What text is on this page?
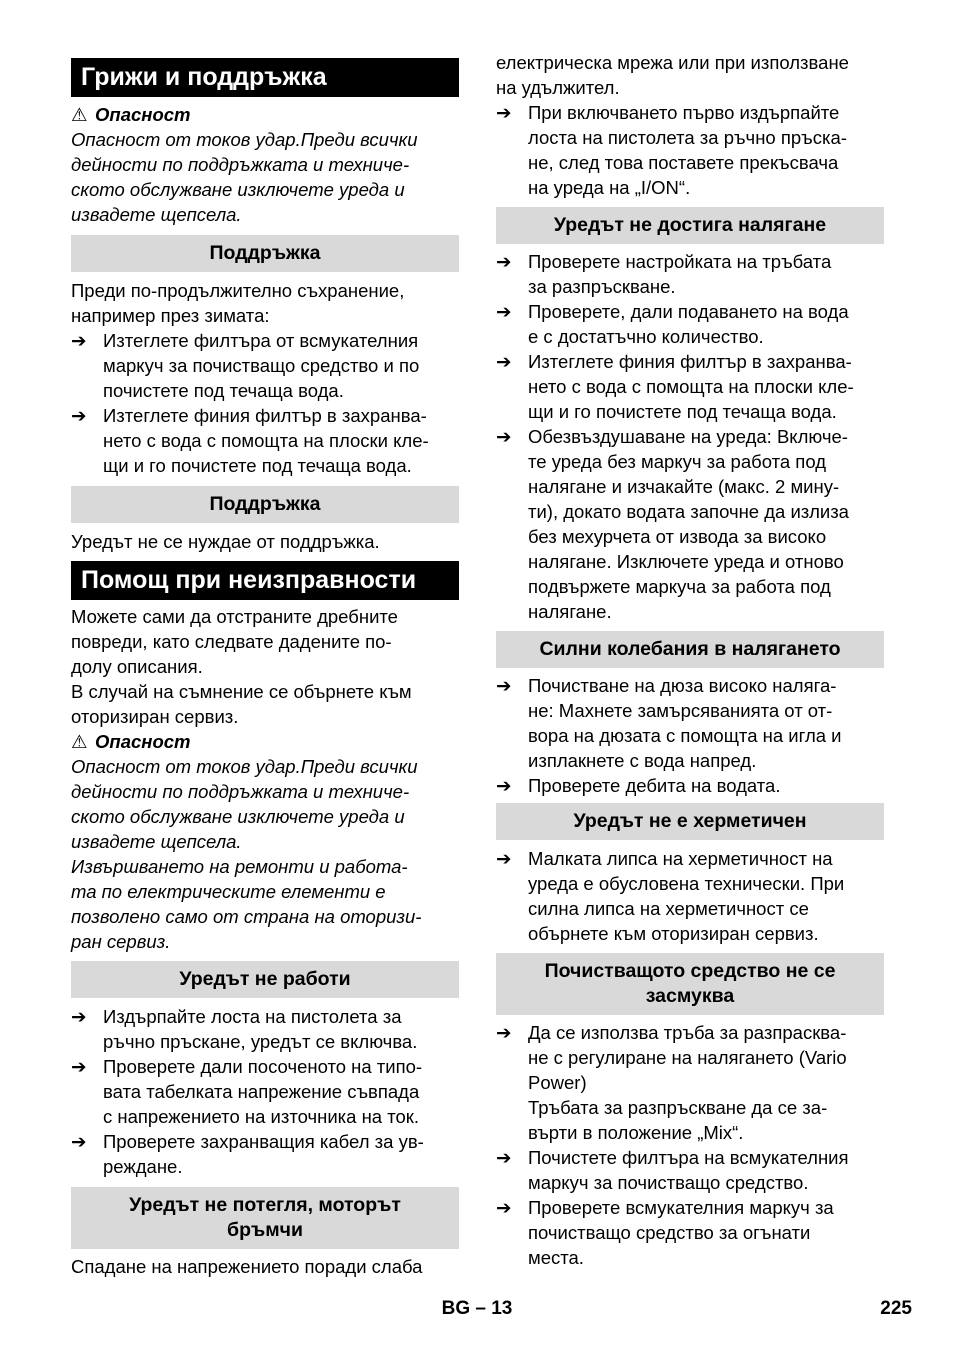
Грижи и поддръжка
⚠ Опасност
Опасност от токов удар.Преди всички
дейности по поддръжката и техниче-
ското обслужване изключете уреда и
извадете щепсела.
Поддръжка
Преди по-продължително съхранение,
например през зимата:
➔ Изтеглете филтъра от всмукателния
маркуч за почистващо средство и по
почистете под течаща вода.
➔ Изтеглете финия филтър в захранва-
нето с вода с помощта на плоски кле-
щи и го почистете под течаща вода.
Поддръжка
Уредът не се нуждае от поддръжка.
Помощ при неизправности
Можете сами да отстраните дребните
повреди, като следвате дадените по-
долу описания.
В случай на съмнение се обърнете към
оторизиран сервиз.
⚠ Опасност
Опасност от токов удар.Преди всички
дейности по поддръжката и техниче-
ското обслужване изключете уреда и
извадете щепсела.
Извършването на ремонти и работа-
та по електрическите елементи е
позволено само от страна на оторизи-
ран сервиз.
Уредът не работи
➔ Издърпайте лоста на пистолета за
ръчно пръскане, уредът се включва.
➔ Проверете дали посоченото на типо-
вата табелката напрежение съвпада
с напрежението на източника на ток.
➔ Проверете захранващия кабел за ув-
реждане.
Уредът не потегля, моторът
бръмчи
Спадане на напрежението поради слаба
електрическа мрежа или при използване
на удължител.
➔ При включването първо издърпайте
лоста на пистолета за ръчно пръска-
не, след това поставете прекъсвача
на уреда на „I/ON“.
Уредът не достига налягане
➔ Проверете настройката на тръбата
за разпръскване.
➔ Проверете, дали подаването на вода
е с достатъчно количество.
➔ Изтеглете финия филтър в захранва-
нето с вода с помощта на плоски кле-
щи и го почистете под течаща вода.
➔ Обезвъздушаване на уреда: Включе-
те уреда без маркуч за работа под
налягане и изчакайте (макс. 2 мину-
ти), докато водата започне да излиза
без мехурчета от извода за високо
налягане. Изключете уреда и отново
подвържете маркуча за работа под
налягане.
Силни колебания в налягането
➔ Почистване на дюза високо наляга-
не: Махнете замърсяванията от от-
вора на дюзата с помощта на игла и
изплакнете с вода напред.
➔ Проверете дебита на водата.
Уредът не е херметичен
➔ Малката липса на херметичност на
уреда е обусловена технически. При
силна липса на херметичност се
обърнете към оторизиран сервиз.
Почистващото средство не се
засмуква
➔ Да се използва тръба за разпрасква-
не с регулиране на налягането (Vario
Power)
Тръбата за разпръскване да се за-
върти в положение „Mix“.
➔ Почистете филтъра на всмукателния
маркуч за почистващо средство.
➔ Проверете всмукателния маркуч за
почистващо средство за огънати
места.
BG – 13	225
